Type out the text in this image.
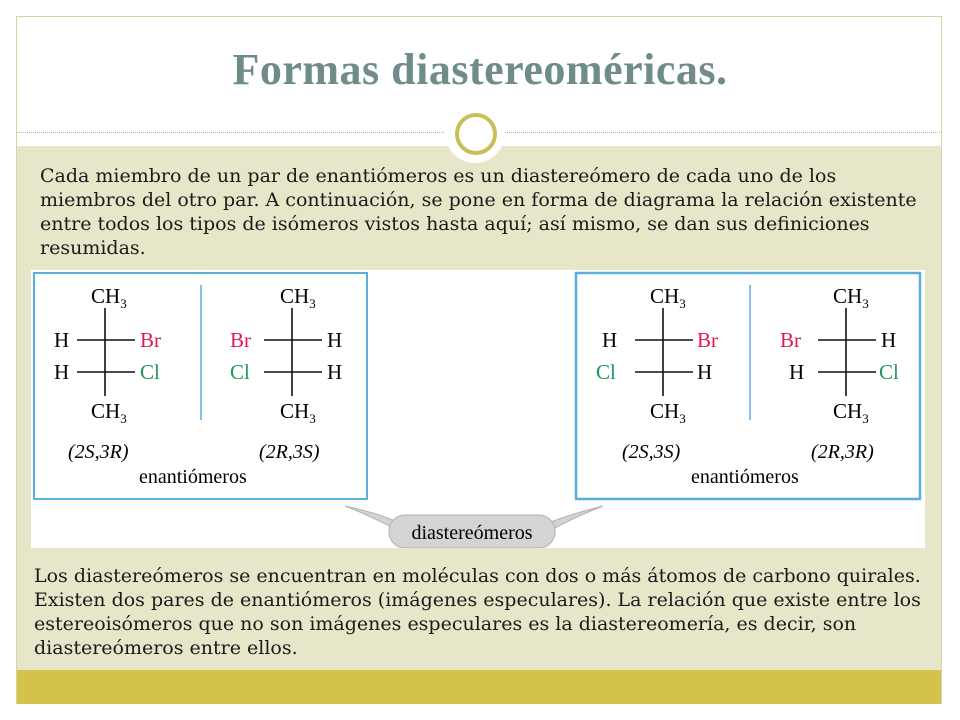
Formas diastereoméricas.
Cada miembro de un par de enantiómeros es un diastereómero de cada uno de los miembros del otro par. A continuación, se pone en forma de diagrama la relación existente entre todos los tipos de isómeros vistos hasta aquí; así mismo, se dan sus definiciones resumidas.
$CH_3$
H	Br
H	Cl
$CH_3$
(2S,3R)
$CH_3$
Br	H
Cl	H
$CH_3$
(2R,3S)
enantiómeros
$CH_3$
H	Br
Cl	H
$CH_3$
(2S,3S)
$CH_3$
Br	H
H	Cl
$CH_3$
(2R,3R)
enantiómeros
diastereómeros
Los diastereómeros se encuentran en moléculas con dos o más átomos de carbono quirales. Existen dos pares de enantiómeros (imágenes especulares). La relación que existe entre los estereoisómeros que no son imágenes especulares es la diastereomería, es decir, son diastereómeros entre ellos.
